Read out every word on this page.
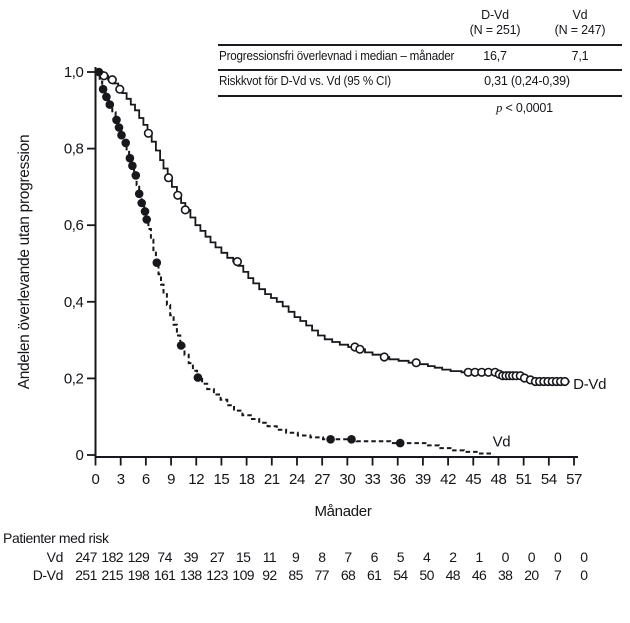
0 3 6 9 12 15 18 21 24 27 30 33 36 39 42 45 48 51 54 57
0
0,2
0,4
0,6
0,8
1,0
D-Vd
Vd
Månader
Andelen överlevande utan progression
Patienter med risk
Vd 247 182 129 74 39 27 15 11 9 8 7 6 5 4 2 1 0 0 0 0
D-Vd 251 215 198 161 138 123 109 92 85 77 68 61 54 50 48 46 38 20 7 0
D-Vd
(N = 251)
Vd
(N = 247)
Progressionsfri överlevnad i median – månader	16,7	7,1
Riskkvot för D-Vd vs. Vd (95 % CI)	0,31 (0,24-0,39)
p < 0,0001
